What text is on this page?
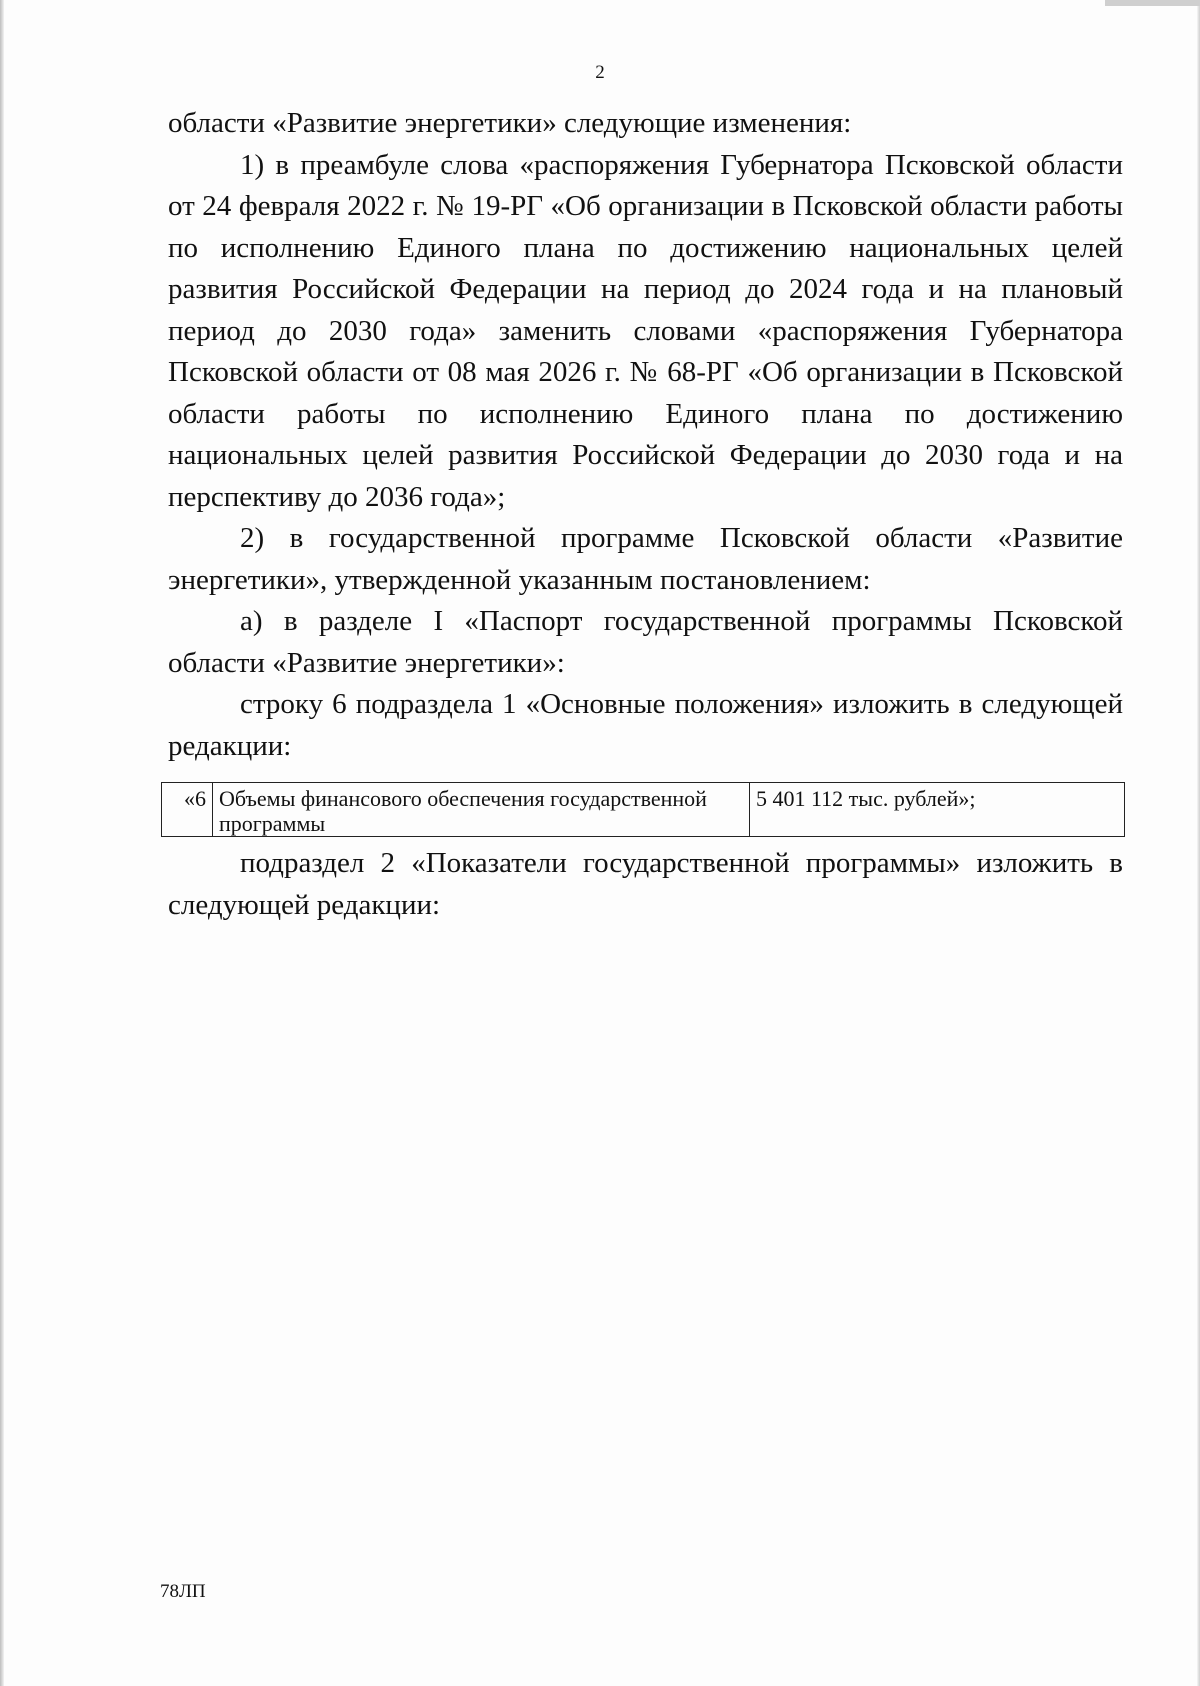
2

области «Развитие энергетики» следующие изменения:

1) в преамбуле слова «распоряжения Губернатора Псковской области от 24 февраля 2022 г. № 19-РГ «Об организации в Псковской области работы по исполнению Единого плана по достижению национальных целей развития Российской Федерации на период до 2024 года и на плановый период до 2030 года» заменить словами «распоряжения Губернатора Псковской области от 08 мая 2026 г. № 68-РГ «Об организации в Псковской области работы по исполнению Единого плана по достижению национальных целей развития Российской Федерации до 2030 года и на перспективу до 2036 года»;

2) в государственной программе Псковской области «Развитие энергетики», утвержденной указанным постановлением:

а) в разделе I «Паспорт государственной программы Псковской области «Развитие энергетики»:

строку 6 подраздела 1 «Основные положения» изложить в следующей редакции:

«6	Объемы финансового обеспечения государственной программы	5 401 112 тыс. рублей»;

подраздел 2 «Показатели государственной программы» изложить в следующей редакции:

78ЛП
